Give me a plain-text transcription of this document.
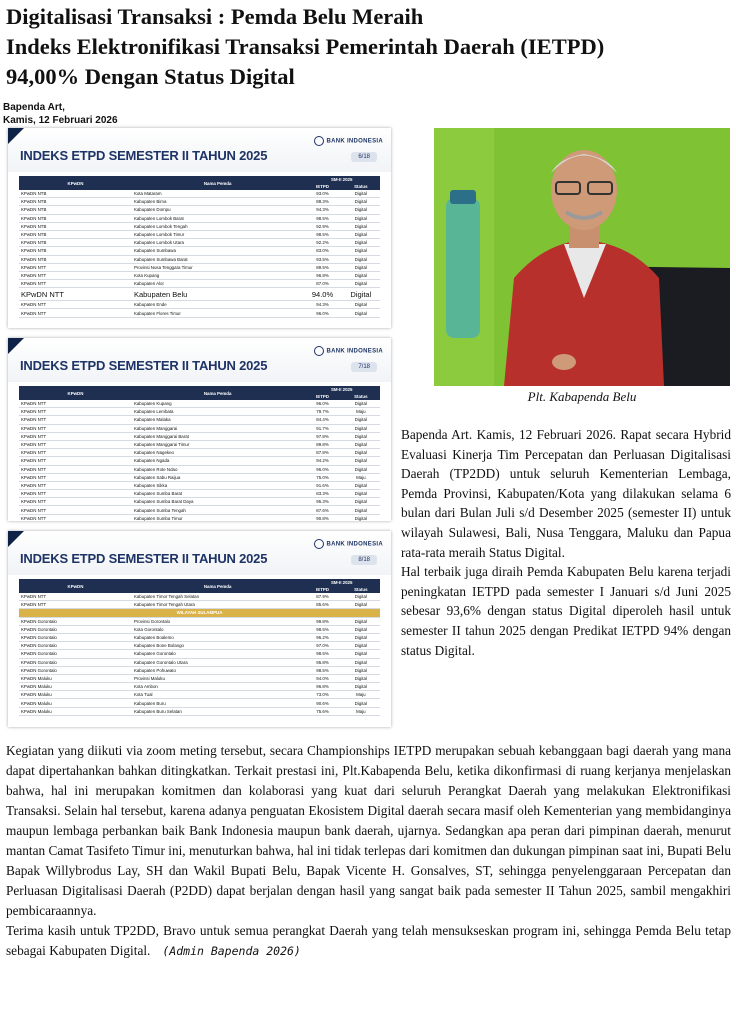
Digitalisasi Transaksi : Pemda Belu Meraih
Indeks Elektronifikasi Transaksi Pemerintah Daerah (IETPD)
94,00% Dengan Status Digital
Bapenda Art,
Kamis, 12 Februari 2026
BANK INDONESIA
INDEKS ETPD SEMESTER II TAHUN 2025	6/18
KPwDN	Nama Pemda	SM-II 2025	
		IETPD	Status
KPwDN NTB	Kota Mataram	93.0%	Digital
KPwDN NTB	Kabupaten Bima	88.3%	Digital
KPwDN NTB	Kabupaten Dompu	94.3%	Digital
KPwDN NTB	Kabupaten Lombok Barat	98.5%	Digital
KPwDN NTB	Kabupaten Lombok Tengah	92.9%	Digital
KPwDN NTB	Kabupaten Lombok Timur	98.5%	Digital
KPwDN NTB	Kabupaten Lombok Utara	92.2%	Digital
KPwDN NTB	Kabupaten Sumbawa	83.0%	Digital
KPwDN NTB	Kabupaten Sumbawa Barat	93.5%	Digital
KPwDN NTT	Provinsi Nusa Tenggara Timur	89.5%	Digital
KPwDN NTT	Kota Kupang	96.8%	Digital
KPwDN NTT	Kabupaten Alor	87.0%	Digital
KPwDN NTT	Kabupaten Belu	94.0%	Digital
KPwDN NTT	Kabupaten Ende	94.3%	Digital
KPwDN NTT	Kabupaten Flores Timur	96.0%	Digital
BANK INDONESIA
INDEKS ETPD SEMESTER II TAHUN 2025	7/18
KPwDN	Nama Pemda	SM-II 2025	
		IETPD	Status
KPwDN NTT	Kabupaten Kupang	96.0%	Digital
KPwDN NTT	Kabupaten Lembata	79.7%	Maju
KPwDN NTT	Kabupaten Malaka	84.4%	Digital
KPwDN NTT	Kabupaten Manggarai	91.7%	Digital
KPwDN NTT	Kabupaten Manggarai Barat	97.8%	Digital
KPwDN NTT	Kabupaten Manggarai Timur	89.8%	Digital
KPwDN NTT	Kabupaten Nagekeo	87.8%	Digital
KPwDN NTT	Kabupaten Ngada	94.2%	Digital
KPwDN NTT	Kabupaten Rote Ndao	96.0%	Digital
KPwDN NTT	Kabupaten Sabu Raijua	75.0%	Maju
KPwDN NTT	Kabupaten Sikka	91.6%	Digital
KPwDN NTT	Kabupaten Sumba Barat	83.3%	Digital
KPwDN NTT	Kabupaten Sumba Barat Daya	95.3%	Digital
KPwDN NTT	Kabupaten Sumba Tengah	87.6%	Digital
KPwDN NTT	Kabupaten Sumba Timur	90.8%	Digital
BANK INDONESIA
INDEKS ETPD SEMESTER II TAHUN 2025	8/18
KPwDN	Nama Pemda	SM-II 2025	
		IETPD	Status
KPwDN NTT	Kabupaten Timor Tengah Selatan	87.9%	Digital
KPwDN NTT	Kabupaten Timor Tengah Utara	85.6%	Digital
WILAYAH SULAMPUA			
KPwDN Gorontalo	Provinsi Gorontalo	99.8%	Digital
KPwDN Gorontalo	Kota Gorontalo	98.5%	Digital
KPwDN Gorontalo	Kabupaten Boalemo	96.2%	Digital
KPwDN Gorontalo	Kabupaten Bone Bolango	97.0%	Digital
KPwDN Gorontalo	Kabupaten Gorontalo	98.5%	Digital
KPwDN Gorontalo	Kabupaten Gorontalo Utara	95.8%	Digital
KPwDN Gorontalo	Kabupaten Pohuwato	98.5%	Digital
KPwDN Maluku	Provinsi Maluku	94.0%	Digital
KPwDN Maluku	Kota Ambon	96.8%	Digital
KPwDN Maluku	Kota Tual	73.0%	Maju
KPwDN Maluku	Kabupaten Buru	90.6%	Digital
KPwDN Maluku	Kabupaten Buru Selatan	75.6%	Maju
Plt. Kabapenda Belu

Bapenda Art. Kamis, 12 Februari 2026. Rapat secara Hybrid Evaluasi Kinerja Tim Percepatan dan Perluasan Digitalisasi Daerah (TP2DD) untuk seluruh Kementerian Lembaga, Pemda Provinsi, Kabupaten/Kota yang dilakukan selama 6 bulan dari Bulan Juli s/d Desember 2025 (semester II) untuk wilayah Sulawesi, Bali, Nusa Tenggara, Maluku dan Papua rata-rata meraih Status Digital.

Hal terbaik juga diraih Pemda Kabupaten Belu karena terjadi peningkatan IETPD pada semester I Januari s/d Juni 2025 sebesar 93,6% dengan status Digital diperoleh hasil untuk semester II tahun 2025 dengan Predikat IETPD 94% dengan status Digital.

Kegiatan yang diikuti via zoom meting tersebut, secara Championships IETPD merupakan sebuah kebanggaan bagi daerah yang mana dapat dipertahankan bahkan ditingkatkan. Terkait prestasi ini, Plt.Kabapenda Belu, ketika dikonfirmasi di ruang kerjanya menjelaskan bahwa, hal ini merupakan komitmen dan kolaborasi yang kuat dari seluruh Perangkat Daerah yang melakukan Elektronifikasi Transaksi. Selain hal tersebut, karena adanya penguatan Ekosistem Digital daerah secara masif oleh Kementerian yang membidanginya maupun lembaga perbankan baik Bank Indonesia maupun bank daerah, ujarnya. Sedangkan apa peran dari pimpinan daerah, menurut mantan Camat Tasifeto Timur ini, menuturkan bahwa, hal ini tidak terlepas dari komitmen dan dukungan pimpinan saat ini, Bupati Belu Bapak Willybrodus Lay, SH dan Wakil Bupati Belu, Bapak Vicente H. Gonsalves, ST, sehingga penyelenggaraan Percepatan dan Perluasan Digitalisasi Daerah (P2DD) dapat berjalan dengan hasil yang sangat baik pada semester II Tahun 2025, sambil mengakhiri pembicaraannya.

Terima kasih untuk TP2DD, Bravo untuk semua perangkat Daerah yang telah mensukseskan program ini, sehingga Pemda Belu tetap sebagai Kabupaten Digital. (Admin Bapenda 2026)
